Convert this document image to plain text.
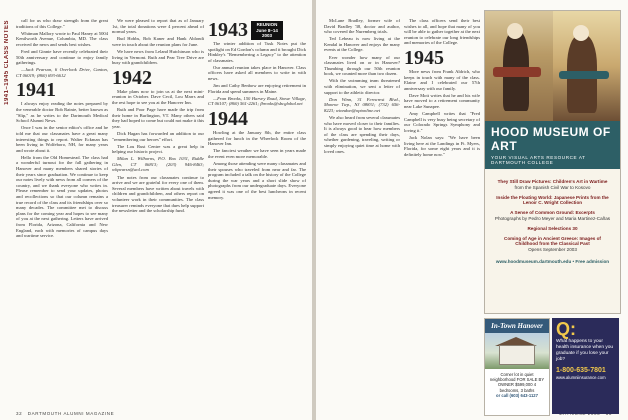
1941–1945 CLASS NOTES	call for us who draw strength from the great traditions of this College."

Whitman Mallory wrote to Paul Haney at 5004 Kenilworth Avenue, Columbia, MD. The class received the news and sends best wishes.

Fred and Ginnie have recently celebrated their 50th anniversary and continue to enjoy family gatherings.

—Jack Pearson, 6 Overlook Drive, Canton, CT 06019; (860) 693-6612

1941

I always enjoy reading the notes prepared by the venerable doctor Bob Rainie, better known as "Slip," as he writes to the Dartmouth Medical School Alumni News.

Once I was in the senior editor's office and he told me that our classmates have a great many interesting things to report. Walter Eckman has been living in Wolfeboro, NH, for many years and wrote about it.

Hello from the Old Homestead. The class had a wonderful turnout for the fall gathering in Hanover and many members shared stories of their years since graduation. We continue to keep our notes lively with news from all corners of the country, and we thank everyone who writes in. Please remember to send your updates, photos and recollections so that our column remains a true record of the class and its friendships over so many decades. The committee met to discuss plans for the coming year and hopes to see many of you at the next gathering. Letters have arrived from Florida, Arizona, California and New England, each with memories of campus days and wartime service.

We were pleased to report that as of January 1st, the total donations were 4 percent ahead of normal years.

Bud Hobbs, Bob Kaner and Hank Ablondi were in touch about the reunion plans for June.

We have news from Leland Hutchinson who is living in Vermont. Ruth and Pear Tree Drive are busy with grandchildren.

1942

Make plans now to join us at the next mini-reunion in October. Dave Cecil, Lou Marrs and the rest hope to see you at the Hanover Inn.

Ruth and Poor Page have made the trip from their home in Burlington, VT. Many others said they had hoped to come but could not make it this year.

Dick Hagan has forwarded an addition to our "remembering our heroes" effort.

The Lou Rust Centre was a great help in helping our historic project.

Milan L. Wilhorns, P.O. Box 1031, Riddle Glen, CT 06813; (203) 946-8463; whpearsn@aol.com

The notes from our classmates continue to arrive and we are grateful for every one of them. Several members have written about travels with children and grandchildren, and others report on volunteer work in their communities. The class treasurer reminds everyone that dues help support the newsletter and the scholarship fund.

1943	REUNION June 8–14 2003

The winter addition of Tusk Notes put the spotlight on Ed Gordon's column and it brought Dick Hinkley's "Remembering a Legacy" to the attention of classmates.

Our annual reunion takes place in Hanover. Class officers have asked all members to write in with news.

Jim and Cathy Benbow are enjoying retirement in Florida and spend summers in Maine.

—Fran Brooks, 150 Harvey Road, Stowe Village, CT 06107; (860) 561-2261; fbrooks@sbcglobal.net

1944

Howling at the January 8th, the entire class gathered for lunch in the Wheelock Room of the Hanover Inn.

The fanciest weather we have seen in years made the event even more memorable.

Among those attending were many classmates and their spouses who traveled from near and far. The program included a talk on the history of the College during the war years and a short slide show of photographs from our undergraduate days. Everyone agreed it was one of the best luncheons in recent memory.

32 DARTMOUTH ALUMNI MAGAZINE

McLane Bradley, former wife of David Bradley '38, doctor and author, who covered the Nuremberg trials.

Ted Lebeau is now living at the Kendal in Hanover and enjoys the many events at the College.

Ever wonder how many of our classmates lived on or in Hanover? Thumbing through our 50th reunion book, we counted more than two dozen.

With the swimming team threatened with elimination, we sent a letter of support to the athletic director.

Don Winn, 31 Ferncrest Blvd., Monroe Twp., NJ 08831; (732) 656-8223; winndon@optonline.net

We also heard from several classmates who have moved closer to their families. It is always good to hear how members of the class are spending their days, whether gardening, traveling, writing or simply enjoying quiet time at home with loved ones.

The class officers send their best wishes to all, and hope that many of you will be able to gather together at the next reunion to celebrate our long friendships and memories of the College.

1945

More news from Frank Aldrich, who keeps in touch with many of the class. Elaine and I celebrated our 57th anniversary with our family.

Dave Mott writes that he and his wife have moved to a retirement community near Lake Sunapee.

Amy Campbell writes that "Fred Campbell is very busy being secretary of our Colorado Springs Symphony and loving it."

Jack Nolan says: "We have been living here at the Landings in Ft. Myers, Florida, for some eight years and it is definitely home now."

HOOD MUSEUM OF ART
YOUR VISUAL ARTS RESOURCE AT DARTMOUTH COLLEGE
They Still Draw Pictures: Children's Art in Wartime
from the Spanish Civil War to Kosovo
Inside the Floating World: Japanese Prints from the Lenoir C. Wright Collection
A Sense of Common Ground: Excerpts
Photographs by Pedro Meyer and Maria Martinez-Cañas
Regional Selections 30
Coming of Age in Ancient Greece: Images of Childhood from the Classical Past
Opens September 2003
www.hoodmuseum.dartmouth.edu • Free admission
In-Town Hanover
Corner lot in quiet neighborhood FOR SALE BY OWNER $599,000 4 bedrooms, 3 baths
or call (603) 643-1127
Q:
What happens to your health insurance when you graduate if you lose your job?
1-800-635-7801
www.alumniinsurance.com
